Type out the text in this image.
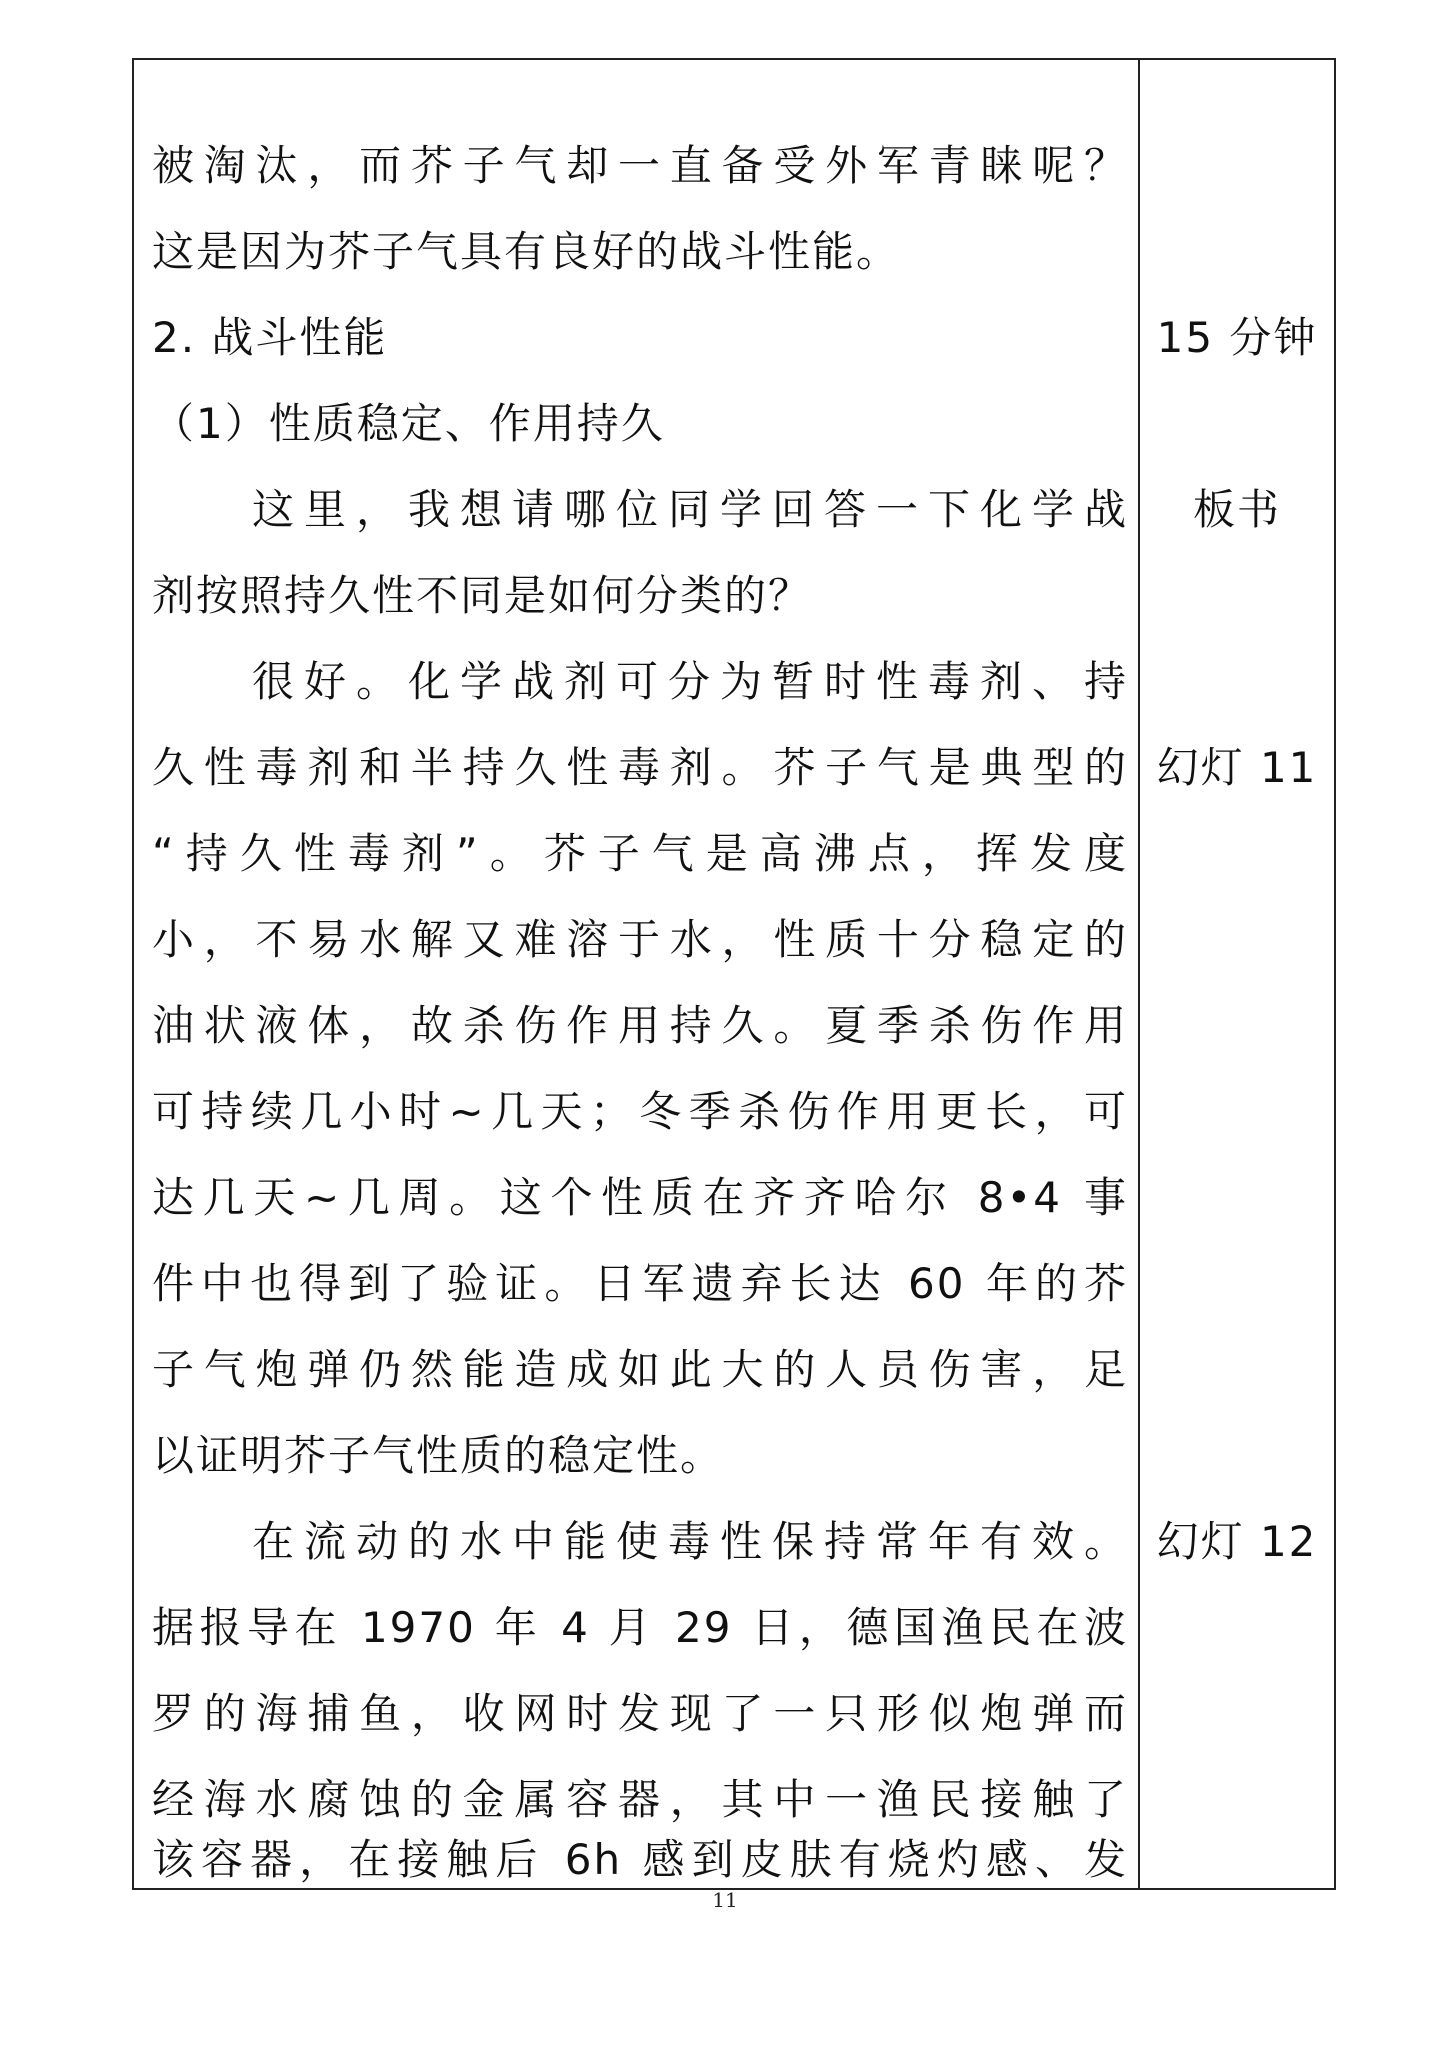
被淘汰，而芥子气却一直备受外军青睐呢？
这是因为芥子气具有良好的战斗性能。
2. 战斗性能
（1）性质稳定、作用持久
这里，我想请哪位同学回答一下化学战
剂按照持久性不同是如何分类的？
很好。化学战剂可分为暂时性毒剂、持
久性毒剂和半持久性毒剂。芥子气是典型的
“持久性毒剂”。芥子气是高沸点，挥发度
小，不易水解又难溶于水，性质十分稳定的
油状液体，故杀伤作用持久。夏季杀伤作用
可持续几小时~几天；冬季杀伤作用更长，可
达几天~几周。这个性质在齐齐哈尔 8•4 事
件中也得到了验证。日军遗弃长达 60 年的芥
子气炮弹仍然能造成如此大的人员伤害，足
以证明芥子气性质的稳定性。
在流动的水中能使毒性保持常年有效。
据报导在 1970 年 4 月 29 日，德国渔民在波
罗的海捕鱼，收网时发现了一只形似炮弹而
经海水腐蚀的金属容器，其中一渔民接触了
该容器，在接触后 6h 感到皮肤有烧灼感、发
15 分钟
板书
幻灯 11
幻灯 12
11
